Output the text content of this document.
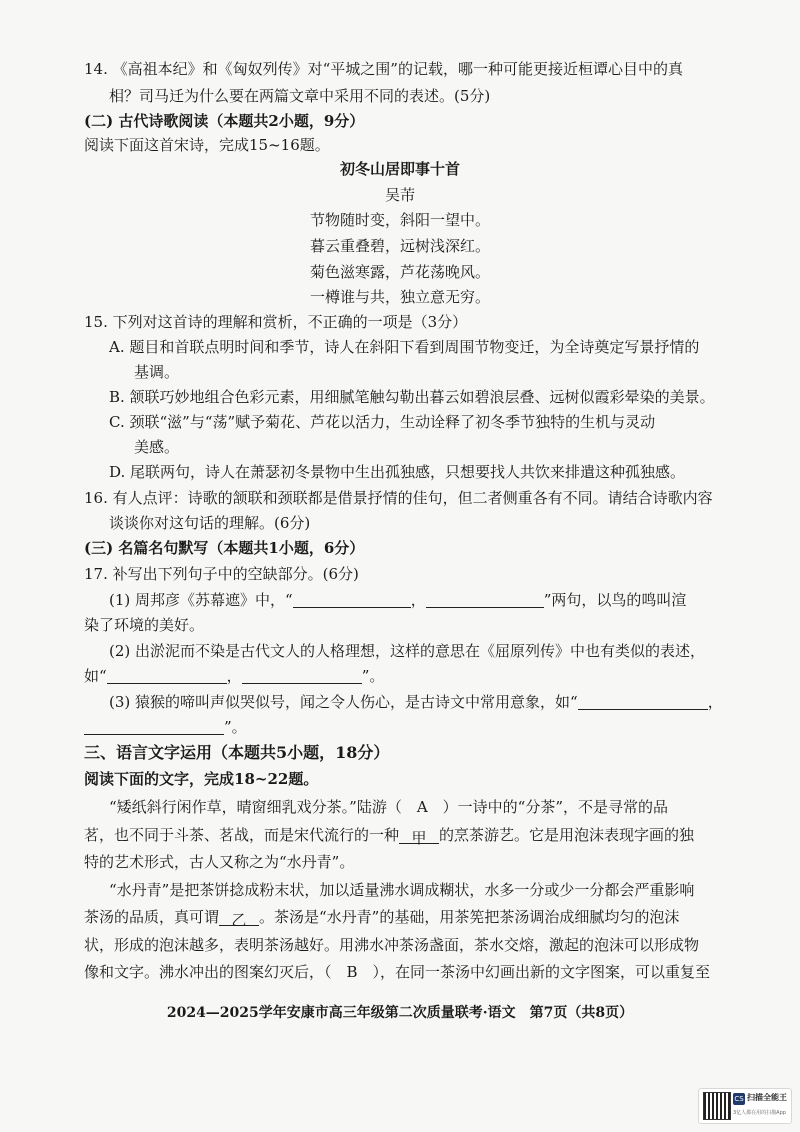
14. 《高祖本纪》和《匈奴列传》对“平城之围”的记载，哪一种可能更接近桓谭心目中的真
相？司马迁为什么要在两篇文章中采用不同的表述。(5分)
(二) 古代诗歌阅读（本题共2小题，9分）
阅读下面这首宋诗，完成15~16题。
初冬山居即事十首
吴芾
节物随时变，斜阳一望中。
暮云重叠碧，远树浅深红。
菊色滋寒露，芦花荡晚风。
一樽谁与共，独立意无穷。
15. 下列对这首诗的理解和赏析，不正确的一项是（3分）
A. 题目和首联点明时间和季节，诗人在斜阳下看到周围节物变迁，为全诗奠定写景抒情的
基调。
B. 颔联巧妙地组合色彩元素，用细腻笔触勾勒出暮云如碧浪层叠、远树似霞彩晕染的美景。
C. 颈联“滋”与“荡”赋予菊花、芦花以活力，生动诠释了初冬季节独特的生机与灵动
美感。
D. 尾联两句，诗人在萧瑟初冬景物中生出孤独感，只想要找人共饮来排遣这种孤独感。
16. 有人点评：诗歌的颔联和颈联都是借景抒情的佳句，但二者侧重各有不同。请结合诗歌内容
谈谈你对这句话的理解。(6分)
(三) 名篇名句默写（本题共1小题，6分）
17. 补写出下列句子中的空缺部分。(6分)
(1) 周邦彦《苏幕遮》中，“	，	”两句，以鸟的鸣叫渲
染了环境的美好。
(2) 出淤泥而不染是古代文人的人格理想，这样的意思在《屈原列传》中也有类似的表述，
如“	，	”。
(3) 猿猴的啼叫声似哭似号，闻之令人伤心，是古诗文中常用意象，如“	，
”。
三、语言文字运用（本题共5小题，18分）
阅读下面的文字，完成18~22题。
“矮纸斜行闲作草，晴窗细乳戏分茶。”陆游（　A　）一诗中的“分茶”，不是寻常的品
茗，也不同于斗茶、茗战，而是宋代流行的一种 甲 的烹茶游艺。它是用泡沫表现字画的独
特的艺术形式，古人又称之为“水丹青”。
“水丹青”是把茶饼捻成粉末状，加以适量沸水调成糊状，水多一分或少一分都会严重影响
茶汤的品质，真可谓 乙 。茶汤是“水丹青”的基础，用茶筅把茶汤调治成细腻均匀的泡沫
状，形成的泡沫越多，表明茶汤越好。用沸水冲茶汤盏面，茶水交熔，激起的泡沫可以形成物
像和文字。沸水冲出的图案幻灭后，（　B　），在同一茶汤中幻画出新的文字图案，可以重复至
2024—2025学年安康市高三年级第二次质量联考·语文　第7页（共8页）
CS 扫描全能王
3亿人都在用的扫描App
